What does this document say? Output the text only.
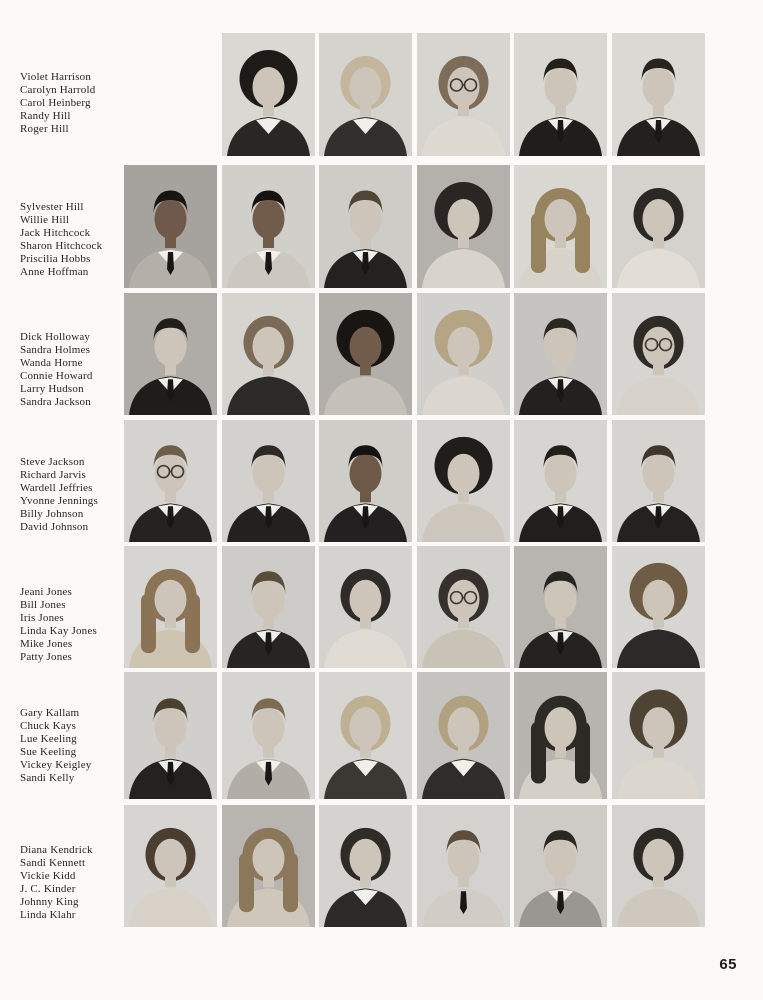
Violet Harrison
Carolyn Harrold
Carol Heinberg
Randy Hill
Roger Hill
Sylvester Hill
Willie Hill
Jack Hitchcock
Sharon Hitchcock
Priscilia Hobbs
Anne Hoffman
Dick Holloway
Sandra Holmes
Wanda Horne
Connie Howard
Larry Hudson
Sandra Jackson
Steve Jackson
Richard Jarvis
Wardell Jeffries
Yvonne Jennings
Billy Johnson
David Johnson
Jeani Jones
Bill Jones
Iris Jones
Linda Kay Jones
Mike Jones
Patty Jones
Gary Kallam
Chuck Kays
Lue Keeling
Sue Keeling
Vickey Keigley
Sandi Kelly
Diana Kendrick
Sandi Kennett
Vickie Kidd
J. C. Kinder
Johnny King
Linda Klahr
65
